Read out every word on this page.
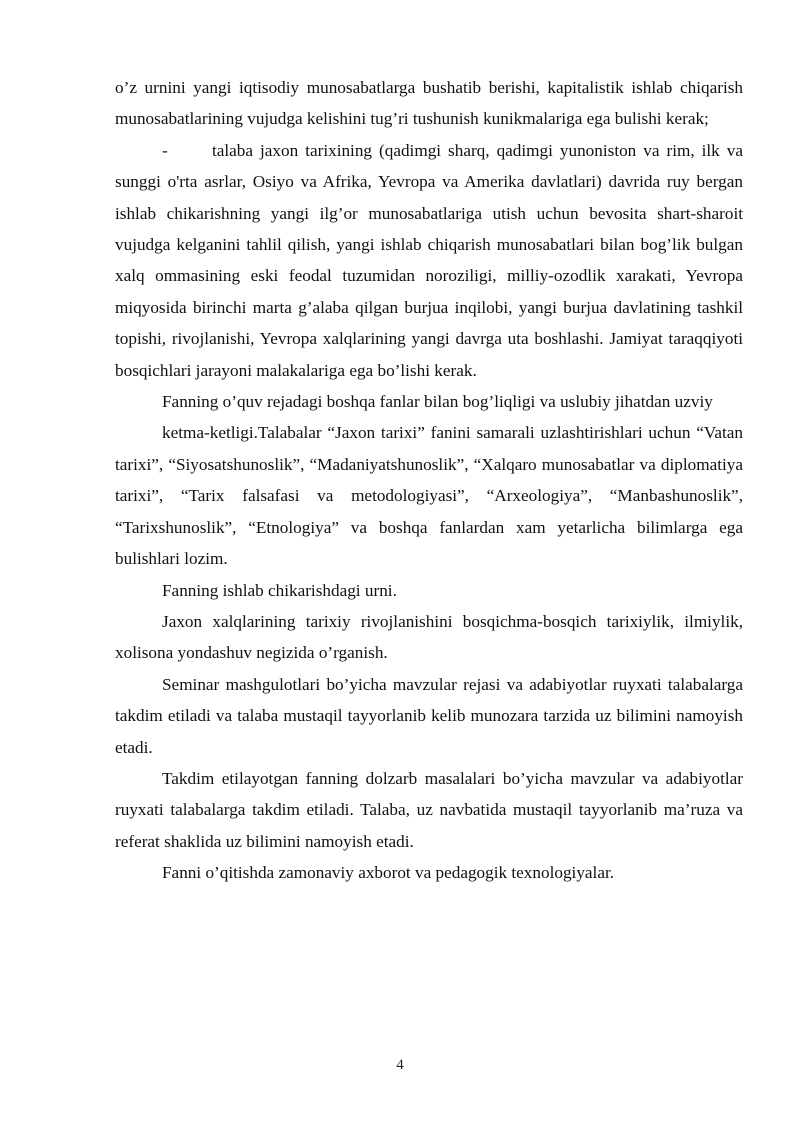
o’z urnini yangi iqtisodiy munosabatlarga bushatib berishi, kapitalistik ishlab chiqarish munosabatlarining vujudga kelishini tug’ri tushunish kunikmalariga ega bulishi kerak;

-	talaba jaxon tarixining (qadimgi sharq, qadimgi yunoniston va rim, ilk va sunggi o'rta asrlar, Osiyo va Afrika, Yevropa va Amerika davlatlari) davrida ruy bergan ishlab chikarishning yangi ilg’or munosabatlariga utish uchun bevosita shart-sharoit vujudga kelganini tahlil qilish, yangi ishlab chiqarish munosabatlari bilan bog’lik bulgan xalq ommasining eski feodal tuzumidan noroziligi, milliy-ozodlik xarakati, Yevropa miqyosida birinchi marta g’alaba qilgan burjua inqilobi, yangi burjua davlatining tashkil topishi, rivojlanishi, Yevropa xalqlarining yangi davrga uta boshlashi. Jamiyat taraqqiyoti bosqichlari jarayoni malakalariga ega bo’lishi kerak.

Fanning o’quv rejadagi boshqa fanlar bilan bog’liqligi va uslubiy jihatdan uzviy

ketma-ketligi.Talabalar “Jaxon tarixi” fanini samarali uzlashtirishlari uchun “Vatan tarixi”, “Siyosatshunoslik”, “Madaniyatshunoslik”, “Xalqaro munosabatlar va diplomatiya tarixi”, “Tarix falsafasi va metodologiyasi”, “Arxeologiya”, “Manbashunoslik”, “Tarixshunoslik”, “Etnologiya” va boshqa fanlardan xam yetarlicha bilimlarga ega bulishlari lozim.

Fanning ishlab chikarishdagi urni.

Jaxon xalqlarining tarixiy rivojlanishini bosqichma-bosqich tarixiylik, ilmiylik, xolisona yondashuv negizida o’rganish.

Seminar mashgulotlari bo’yicha mavzular rejasi va adabiyotlar ruyxati talabalarga takdim etiladi va talaba mustaqil tayyorlanib kelib munozara tarzida uz bilimini namoyish etadi.

Takdim etilayotgan fanning dolzarb masalalari bo’yicha mavzular va adabiyotlar ruyxati talabalarga takdim etiladi. Talaba, uz navbatida mustaqil tayyorlanib ma’ruza va referat shaklida uz bilimini namoyish etadi.

Fanni o’qitishda zamonaviy axborot va pedagogik texnologiyalar.

4
